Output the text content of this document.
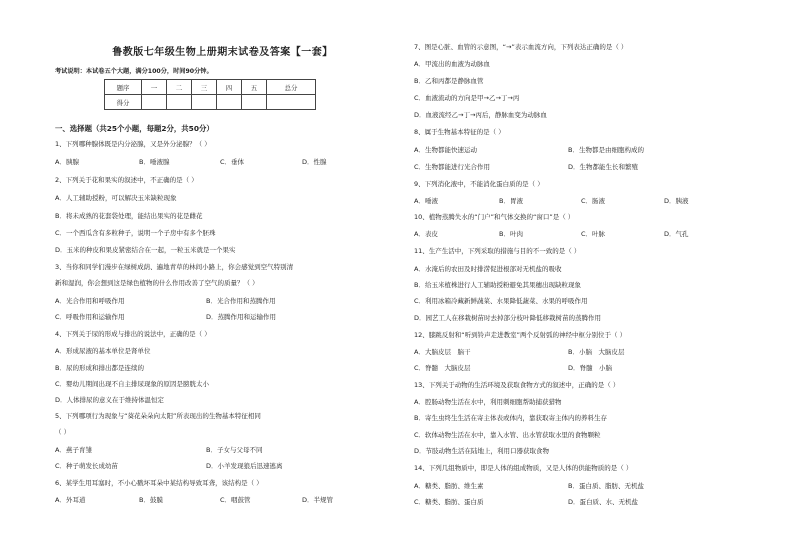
鲁教版七年级生物上册期末试卷及答案【一套】
考试说明：本试卷五个大题，满分100分，时间90分钟。
题序	一	二	三	四	五	总分
得分						
一、选择题（共25个小题，每题2分，共50分）
1、下列哪种腺体既是内分泌腺，又是外分泌腺？（ ）
A．胰腺	B．唾液腺	C．垂体	D．性腺
2、下列关于花和果实的叙述中，不正确的是（ ）
A．人工辅助授粉，可以解决玉米缺粒现象
B．将未成熟的花套袋处理，能结出果实的花是雌花
C．一个西瓜含有多粒种子，说明一个子房中有多个胚珠
D．玉米的种皮和果皮紧密结合在一起，一粒玉米就是一个果实
3、当你和同学们漫步在绿树成荫、遍地青草的林间小路上，你会感觉到空气特别清
新和湿润，你会想到这是绿色植物的什么作用改善了空气的质量？（ ）
A．光合作用和呼吸作用	B．光合作用和蒸腾作用
C．呼吸作用和运输作用	D．蒸腾作用和运输作用
4、下列关于尿的形成与排出的说法中，正确的是（ ）
A．形成尿液的基本单位是肾单位
B．尿的形成和排出都是连续的
C．婴幼儿期间出现不自主排尿现象的原因是膀胱太小
D．人体排尿的意义在于维持体温恒定
5、下列哪项行为现象与“葵花朵朵向太阳”所表现出的生物基本特征相同
（ ）
A．燕子育雏	B．子女与父母不同
C．种子萌发长成幼苗	D．小羊发现狼后迅速逃离
6、某学生用耳塞时，不小心戳坏耳朵中某结构导致耳聋，该结构是（ ）
A．外耳道	B．鼓膜	C．咽鼓管	D．半规管
7、图是心脏、血管的示意图，“→”表示血流方向，下列表达正确的是（ ）
A．甲流出的血液为动脉血
B．乙和丙都是静脉血管
C．血液流动的方向是甲→乙→丁→丙
D．血液流经乙→丁→丙后，静脉血变为动脉血
8、属于生物基本特征的是（ ）
A．生物都能快速运动	B．生物都是由细胞构成的
C．生物都能进行光合作用	D．生物都能生长和繁殖
9、下列消化液中，不能消化蛋白质的是（ ）
A．唾液	B．胃液	C．肠液	D．胰液
10、植物蒸腾失水的“门户”和气体交换的“窗口”是（ ）
A．表皮	B．叶肉	C．叶脉	D．气孔
11、生产生活中，下列采取的措施与目的不一致的是（ ）
A．水淹后的农田及时排涝促进根部对无机盐的吸收
B．给玉米植株进行人工辅助授粉避免其果穗出现缺粒现象
C．利用冰箱冷藏新鲜蔬菜、水果降低蔬菜、水果的呼吸作用
D．园艺工人在移栽树苗时去掉部分枝叶降低移栽树苗的蒸腾作用
12、膝跳反射和“听到铃声走进教室”两个反射弧的神经中枢分别位于（ ）
A．大脑皮层　脑干	B．小脑　大脑皮层
C．脊髓　大脑皮层	D．脊髓　小脑
13、下列关于动物的生活环境及获取食物方式的叙述中，正确的是（ ）
A．腔肠动物生活在水中，利用刺细胞帮助捕获猎物
B．寄生虫终生生活在寄主体表或体内，靠获取寄主体内的养料生存
C．软体动物生活在水中，靠入水管、出水管获取水里的食物颗粒
D．节肢动物生活在陆地上，利用口器获取食物
14、下列几组物质中，即是人体的组成物质，又是人体的供能物质的是（ ）
A．糖类、脂肪、维生素	B．蛋白质、脂肪、无机盐
C．糖类、脂肪、蛋白质	D．蛋白质、水、无机盐
